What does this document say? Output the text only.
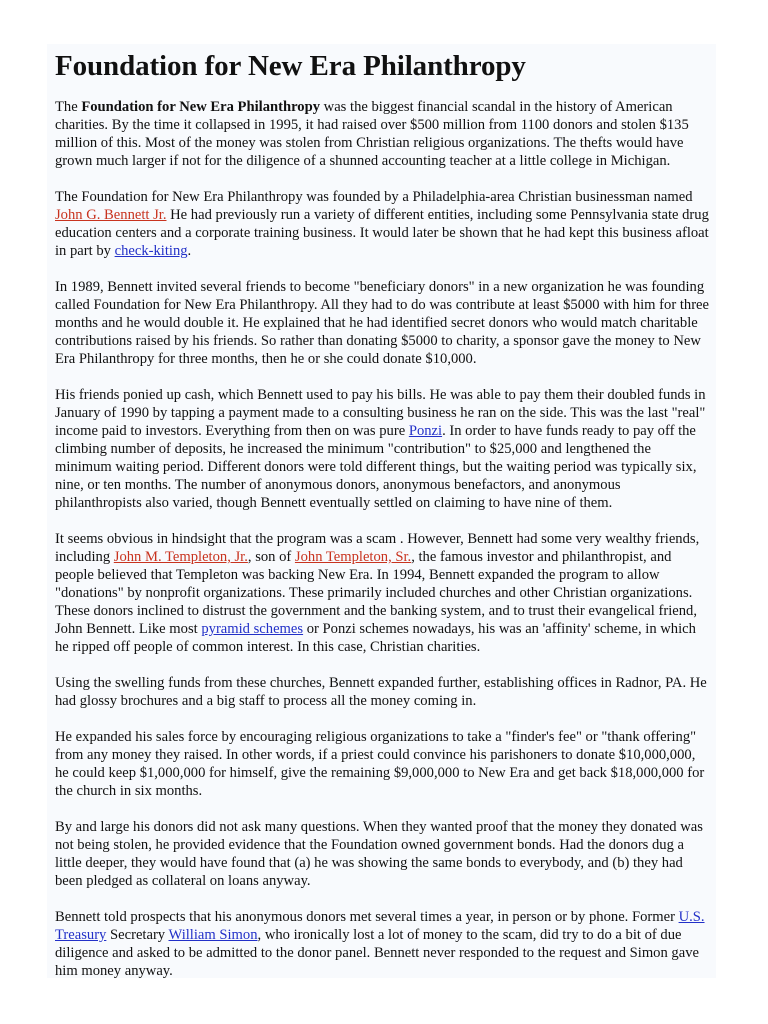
Foundation for New Era Philanthropy

The Foundation for New Era Philanthropy was the biggest financial scandal in the history of American charities. By the time it collapsed in 1995, it had raised over $500 million from 1100 donors and stolen $135 million of this. Most of the money was stolen from Christian religious organizations. The thefts would have grown much larger if not for the diligence of a shunned accounting teacher at a little college in Michigan.

The Foundation for New Era Philanthropy was founded by a Philadelphia-area Christian businessman named John G. Bennett Jr. He had previously run a variety of different entities, including some Pennsylvania state drug education centers and a corporate training business. It would later be shown that he had kept this business afloat in part by check-kiting.

In 1989, Bennett invited several friends to become "beneficiary donors" in a new organization he was founding called Foundation for New Era Philanthropy. All they had to do was contribute at least $5000 with him for three months and he would double it. He explained that he had identified secret donors who would match charitable contributions raised by his friends. So rather than donating $5000 to charity, a sponsor gave the money to New Era Philanthropy for three months, then he or she could donate $10,000.

His friends ponied up cash, which Bennett used to pay his bills. He was able to pay them their doubled funds in January of 1990 by tapping a payment made to a consulting business he ran on the side. This was the last "real" income paid to investors. Everything from then on was pure Ponzi. In order to have funds ready to pay off the climbing number of deposits, he increased the minimum "contribution" to $25,000 and lengthened the minimum waiting period. Different donors were told different things, but the waiting period was typically six, nine, or ten months. The number of anonymous donors, anonymous benefactors, and anonymous philanthropists also varied, though Bennett eventually settled on claiming to have nine of them.

It seems obvious in hindsight that the program was a scam . However, Bennett had some very wealthy friends, including John M. Templeton, Jr., son of John Templeton, Sr., the famous investor and philanthropist, and people believed that Templeton was backing New Era. In 1994, Bennett expanded the program to allow "donations" by nonprofit organizations. These primarily included churches and other Christian organizations. These donors inclined to distrust the government and the banking system, and to trust their evangelical friend, John Bennett. Like most pyramid schemes or Ponzi schemes nowadays, his was an 'affinity' scheme, in which he ripped off people of common interest. In this case, Christian charities.

Using the swelling funds from these churches, Bennett expanded further, establishing offices in Radnor, PA. He had glossy brochures and a big staff to process all the money coming in.

He expanded his sales force by encouraging religious organizations to take a "finder's fee" or "thank offering" from any money they raised. In other words, if a priest could convince his parishoners to donate $10,000,000, he could keep $1,000,000 for himself, give the remaining $9,000,000 to New Era and get back $18,000,000 for the church in six months.

By and large his donors did not ask many questions. When they wanted proof that the money they donated was not being stolen, he provided evidence that the Foundation owned government bonds. Had the donors dug a little deeper, they would have found that (a) he was showing the same bonds to everybody, and (b) they had been pledged as collateral on loans anyway.

Bennett told prospects that his anonymous donors met several times a year, in person or by phone. Former U.S. Treasury Secretary William Simon, who ironically lost a lot of money to the scam, did try to do a bit of due diligence and asked to be admitted to the donor panel. Bennett never responded to the request and Simon gave him money anyway.
